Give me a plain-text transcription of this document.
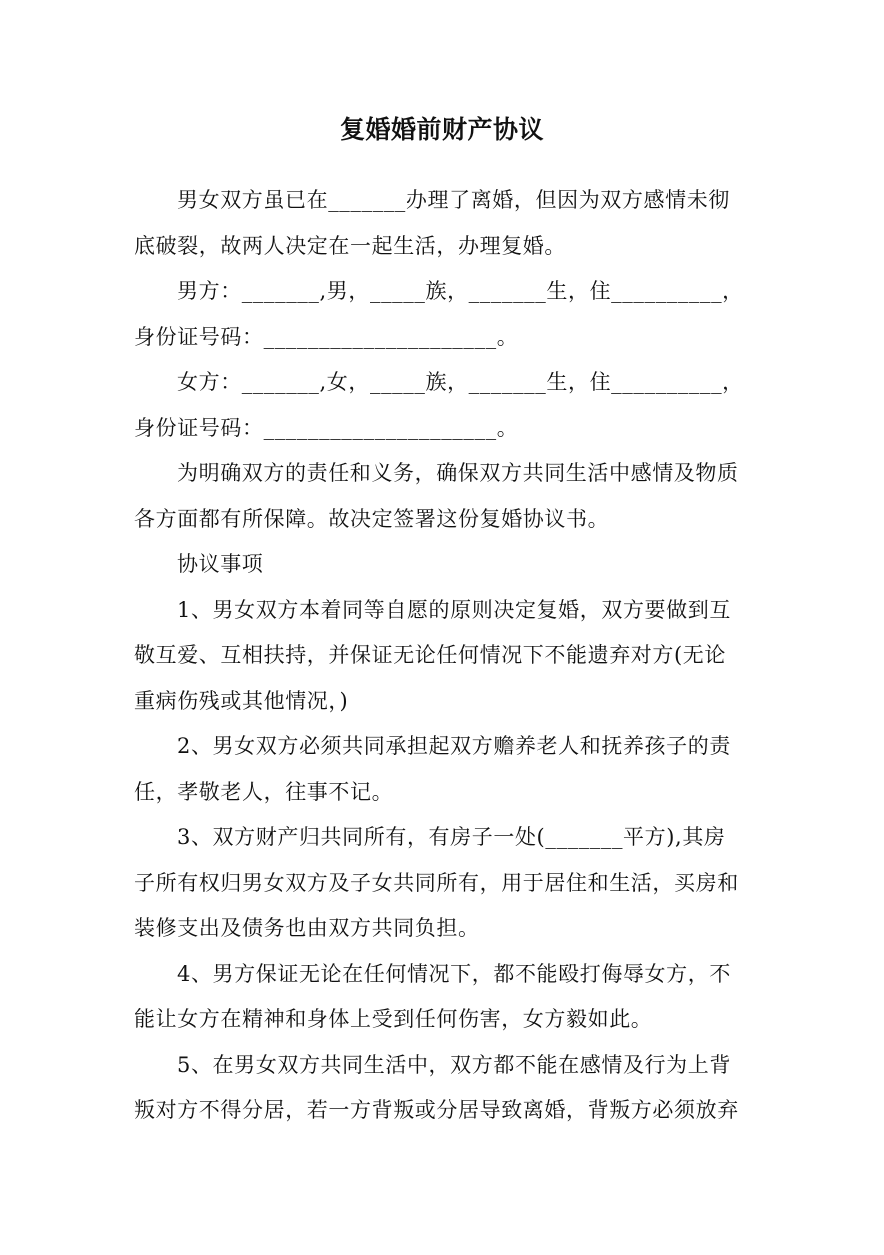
复婚婚前财产协议
男女双方虽已在_______办理了离婚，但因为双方感情未彻
底破裂，故两人决定在一起生活，办理复婚。
男方：_______,男，_____族，_______生，住__________，
身份证号码：_____________________。
女方：_______,女，_____族，_______生，住__________，
身份证号码：_____________________。
为明确双方的责任和义务，确保双方共同生活中感情及物质
各方面都有所保障。故决定签署这份复婚协议书。
协议事项
1、男女双方本着同等自愿的原则决定复婚，双方要做到互
敬互爱、互相扶持，并保证无论任何情况下不能遗弃对方(无论
重病伤残或其他情况，)
2、男女双方必须共同承担起双方赡养老人和抚养孩子的责
任，孝敬老人，往事不记。
3、双方财产归共同所有，有房子一处(_______平方),其房
子所有权归男女双方及子女共同所有，用于居住和生活，买房和
装修支出及债务也由双方共同负担。
4、男方保证无论在任何情况下，都不能殴打侮辱女方，不
能让女方在精神和身体上受到任何伤害，女方毅如此。
5、在男女双方共同生活中，双方都不能在感情及行为上背
叛对方不得分居，若一方背叛或分居导致离婚，背叛方必须放弃
